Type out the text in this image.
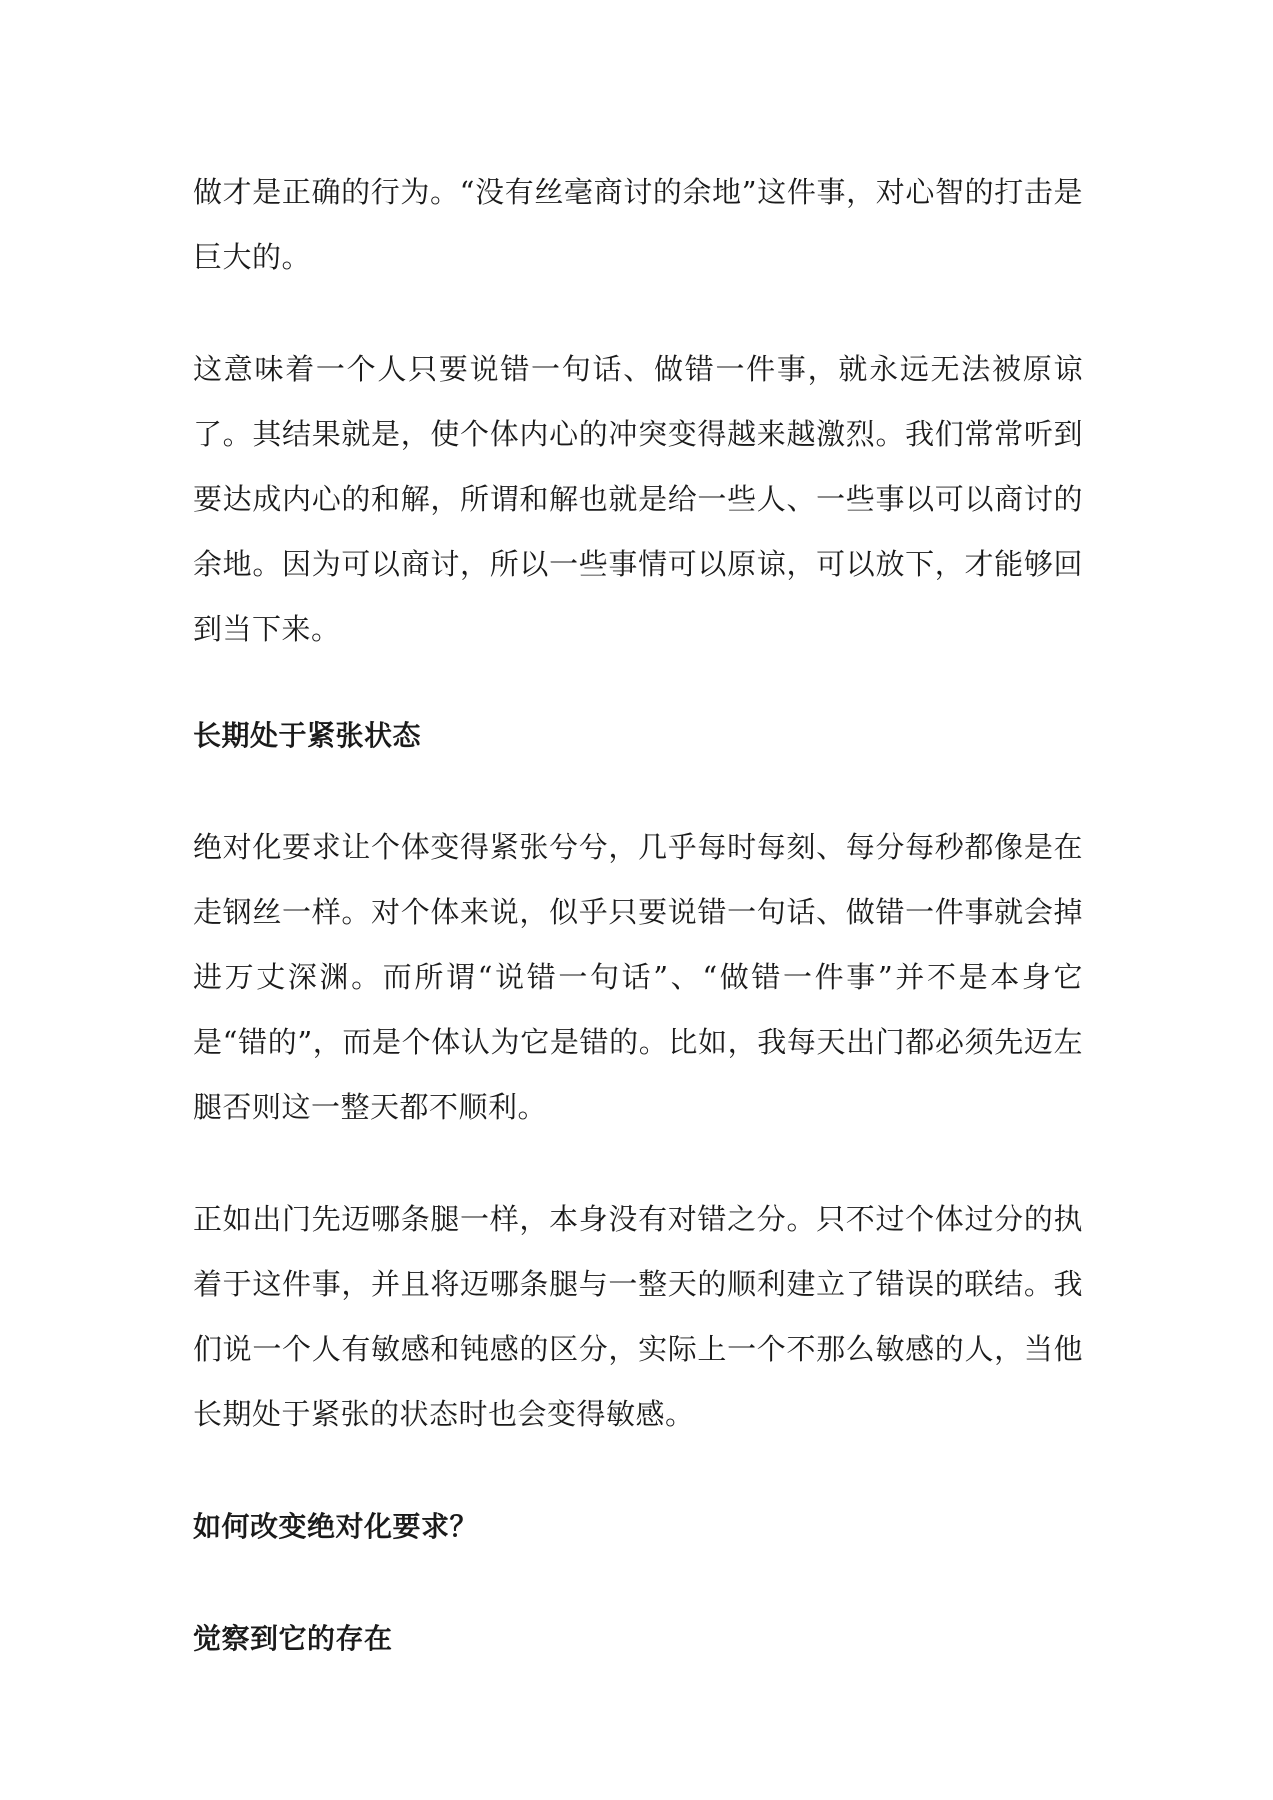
做才是正确的行为。“没有丝毫商讨的余地”这件事，对心智的打击是巨大的。

这意味着一个人只要说错一句话、做错一件事，就永远无法被原谅了。其结果就是，使个体内心的冲突变得越来越激烈。我们常常听到要达成内心的和解，所谓和解也就是给一些人、一些事以可以商讨的余地。因为可以商讨，所以一些事情可以原谅，可以放下，才能够回到当下来。

长期处于紧张状态

绝对化要求让个体变得紧张兮兮，几乎每时每刻、每分每秒都像是在走钢丝一样。对个体来说，似乎只要说错一句话、做错一件事就会掉进万丈深渊。而所谓“说错一句话”、“做错一件事”并不是本身它是“错的”，而是个体认为它是错的。比如，我每天出门都必须先迈左腿否则这一整天都不顺利。

正如出门先迈哪条腿一样，本身没有对错之分。只不过个体过分的执着于这件事，并且将迈哪条腿与一整天的顺利建立了错误的联结。我们说一个人有敏感和钝感的区分，实际上一个不那么敏感的人，当他长期处于紧张的状态时也会变得敏感。

如何改变绝对化要求？
觉察到它的存在
